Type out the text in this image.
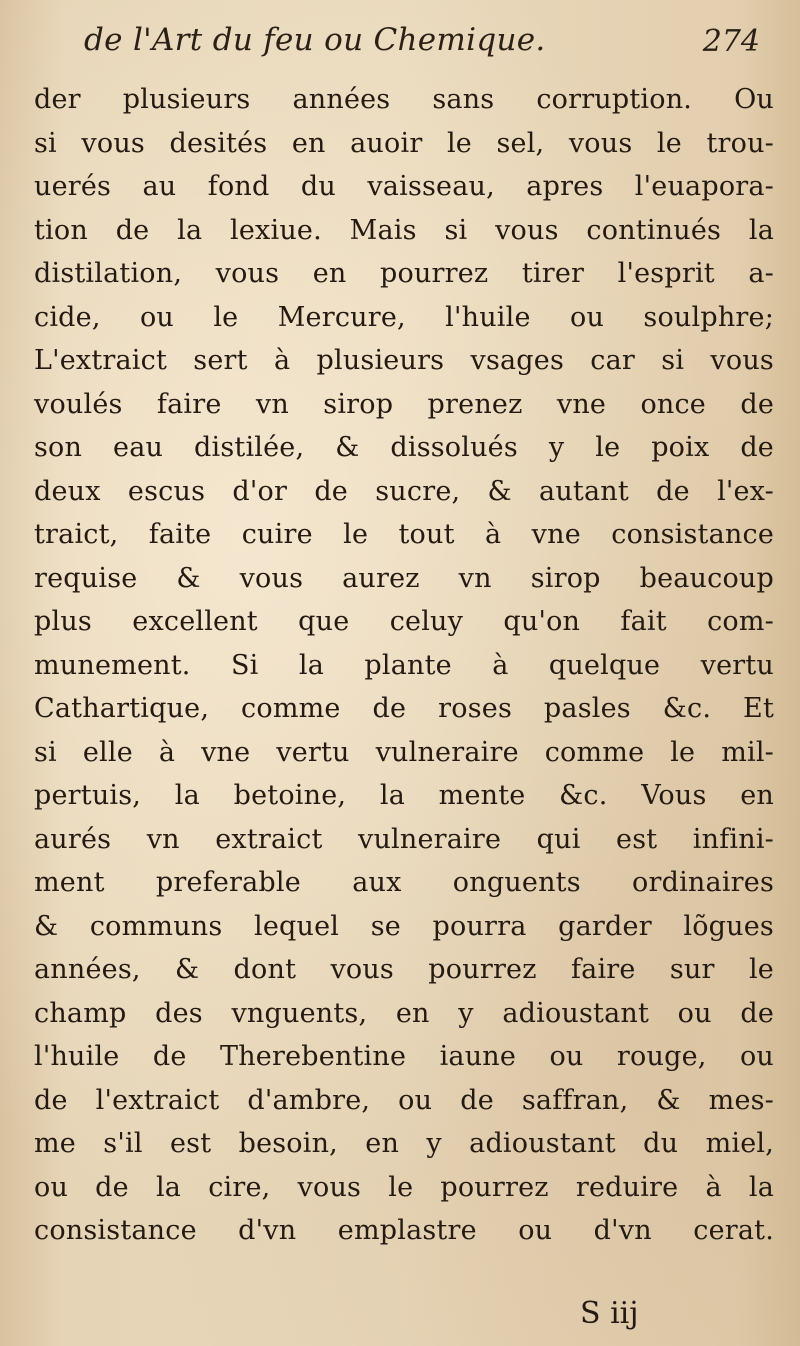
de l'Art du feu ou Chemique.	274
der plusieurs années sans corruption. Ou
si vous desités en auoir le sel, vous le trou-
uerés au fond du vaisseau, apres l'euapora-
tion de la lexiue. Mais si vous continués la
distilation, vous en pourrez tirer l'esprit a-
cide, ou le Mercure, l'huile ou soulphre;
L'extraict sert à plusieurs vsages car si vous
voulés faire vn sirop prenez vne once de
son eau distilée, & dissolués y le poix de
deux escus d'or de sucre, & autant de l'ex-
traict, faite cuire le tout à vne consistance
requise & vous aurez vn sirop beaucoup
plus excellent que celuy qu'on fait com-
munement. Si la plante à quelque vertu
Cathartique, comme de roses pasles &c. Et
si elle à vne vertu vulneraire comme le mil-
pertuis, la betoine, la mente &c. Vous en
aurés vn extraict vulneraire qui est infini-
ment preferable aux onguents ordinaires
& communs lequel se pourra garder lõgues
années, & dont vous pourrez faire sur le
champ des vnguents, en y adioustant ou de
l'huile de Therebentine iaune ou rouge, ou
de l'extraict d'ambre, ou de saffran, & mes-
me s'il est besoin, en y adioustant du miel,
ou de la cire, vous le pourrez reduire à la
consistance d'vn emplastre ou d'vn cerat.
S iij
